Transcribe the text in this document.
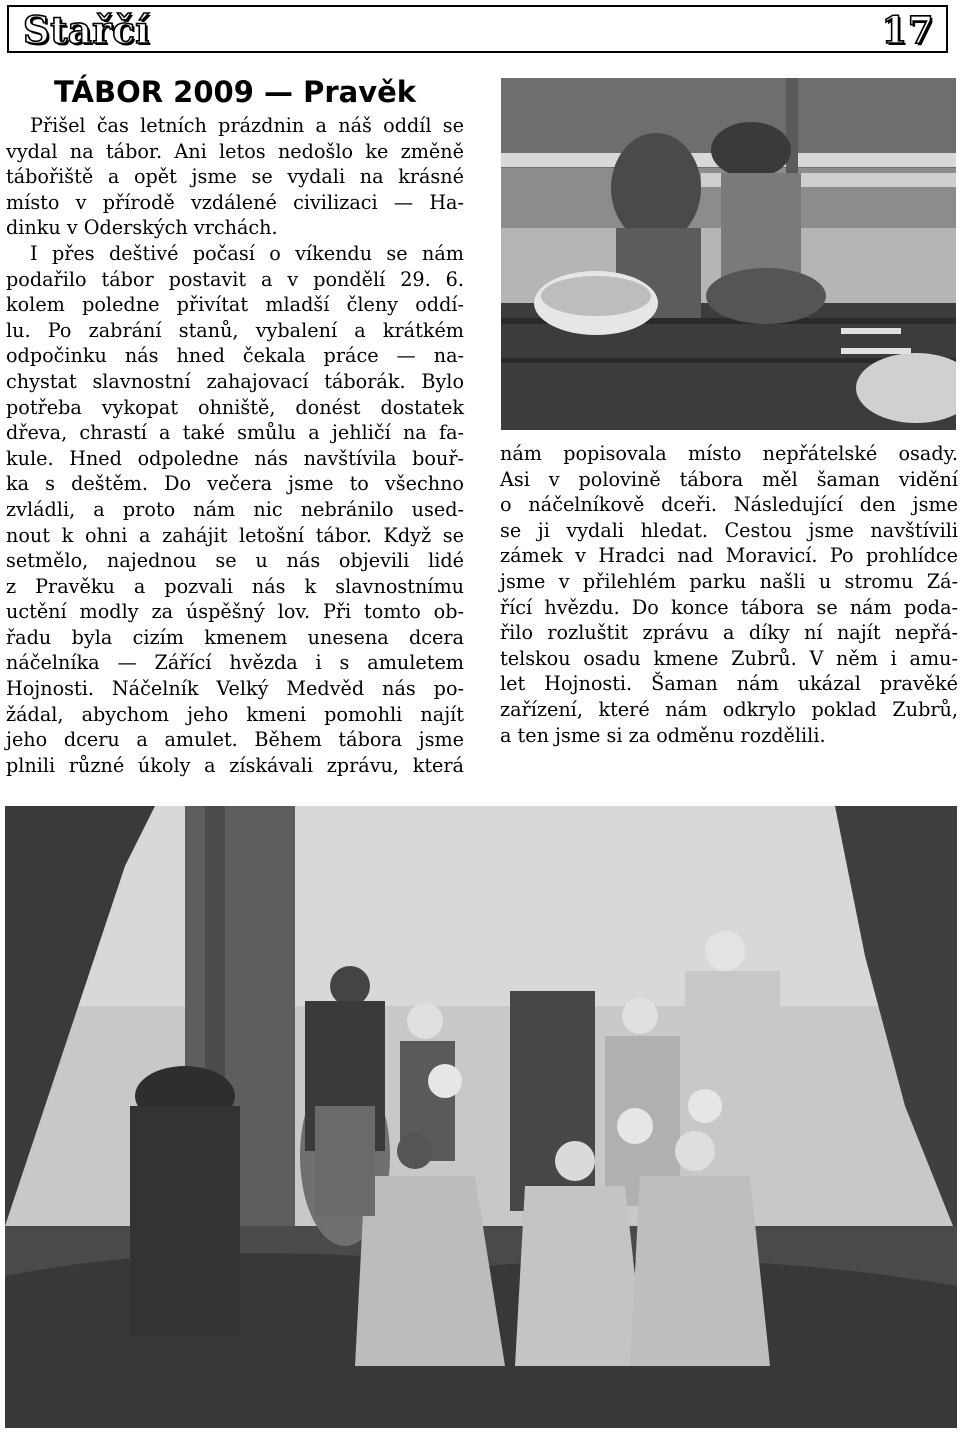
Stařčí	17
TÁBOR 2009 — Pravěk
Přišel čas letních prázdnin a náš oddíl se
vydal na tábor. Ani letos nedošlo ke změně
tábořiště a opět jsme se vydali na krásné
místo v přírodě vzdálené civilizaci — Ha-
dinku v Oderských vrchách.
I přes deštivé počasí o víkendu se nám
podařilo tábor postavit a v pondělí 29. 6.
kolem poledne přivítat mladší členy oddí-
lu. Po zabrání stanů, vybalení a krátkém
odpočinku nás hned čekala práce — na-
chystat slavnostní zahajovací táborák. Bylo
potřeba vykopat ohniště, donést dostatek
dřeva, chrastí a také smůlu a jehličí na fa-
kule. Hned odpoledne nás navštívila bouř-
ka s deštěm. Do večera jsme to všechno
zvládli, a proto nám nic nebránilo used-
nout k ohni a zahájit letošní tábor. Když se
setmělo, najednou se u nás objevili lidé
z Pravěku a pozvali nás k slavnostnímu
uctění modly za úspěšný lov. Při tomto ob-
řadu byla cizím kmenem unesena dcera
náčelníka — Zářící hvězda i s amuletem
Hojnosti. Náčelník Velký Medvěd nás po-
žádal, abychom jeho kmeni pomohli najít
jeho dceru a amulet. Během tábora jsme
plnili různé úkoly a získávali zprávu, která
nám popisovala místo nepřátelské osady.
Asi v polovině tábora měl šaman vidění
o náčelníkově dceři. Následující den jsme
se ji vydali hledat. Cestou jsme navštívili
zámek v Hradci nad Moravicí. Po prohlídce
jsme v přilehlém parku našli u stromu Zá-
řící hvězdu. Do konce tábora se nám poda-
řilo rozluštit zprávu a díky ní najít nepřá-
telskou osadu kmene Zubrů. V něm i amu-
let Hojnosti. Šaman nám ukázal pravěké
zařízení, které nám odkrylo poklad Zubrů,
a ten jsme si za odměnu rozdělili.
